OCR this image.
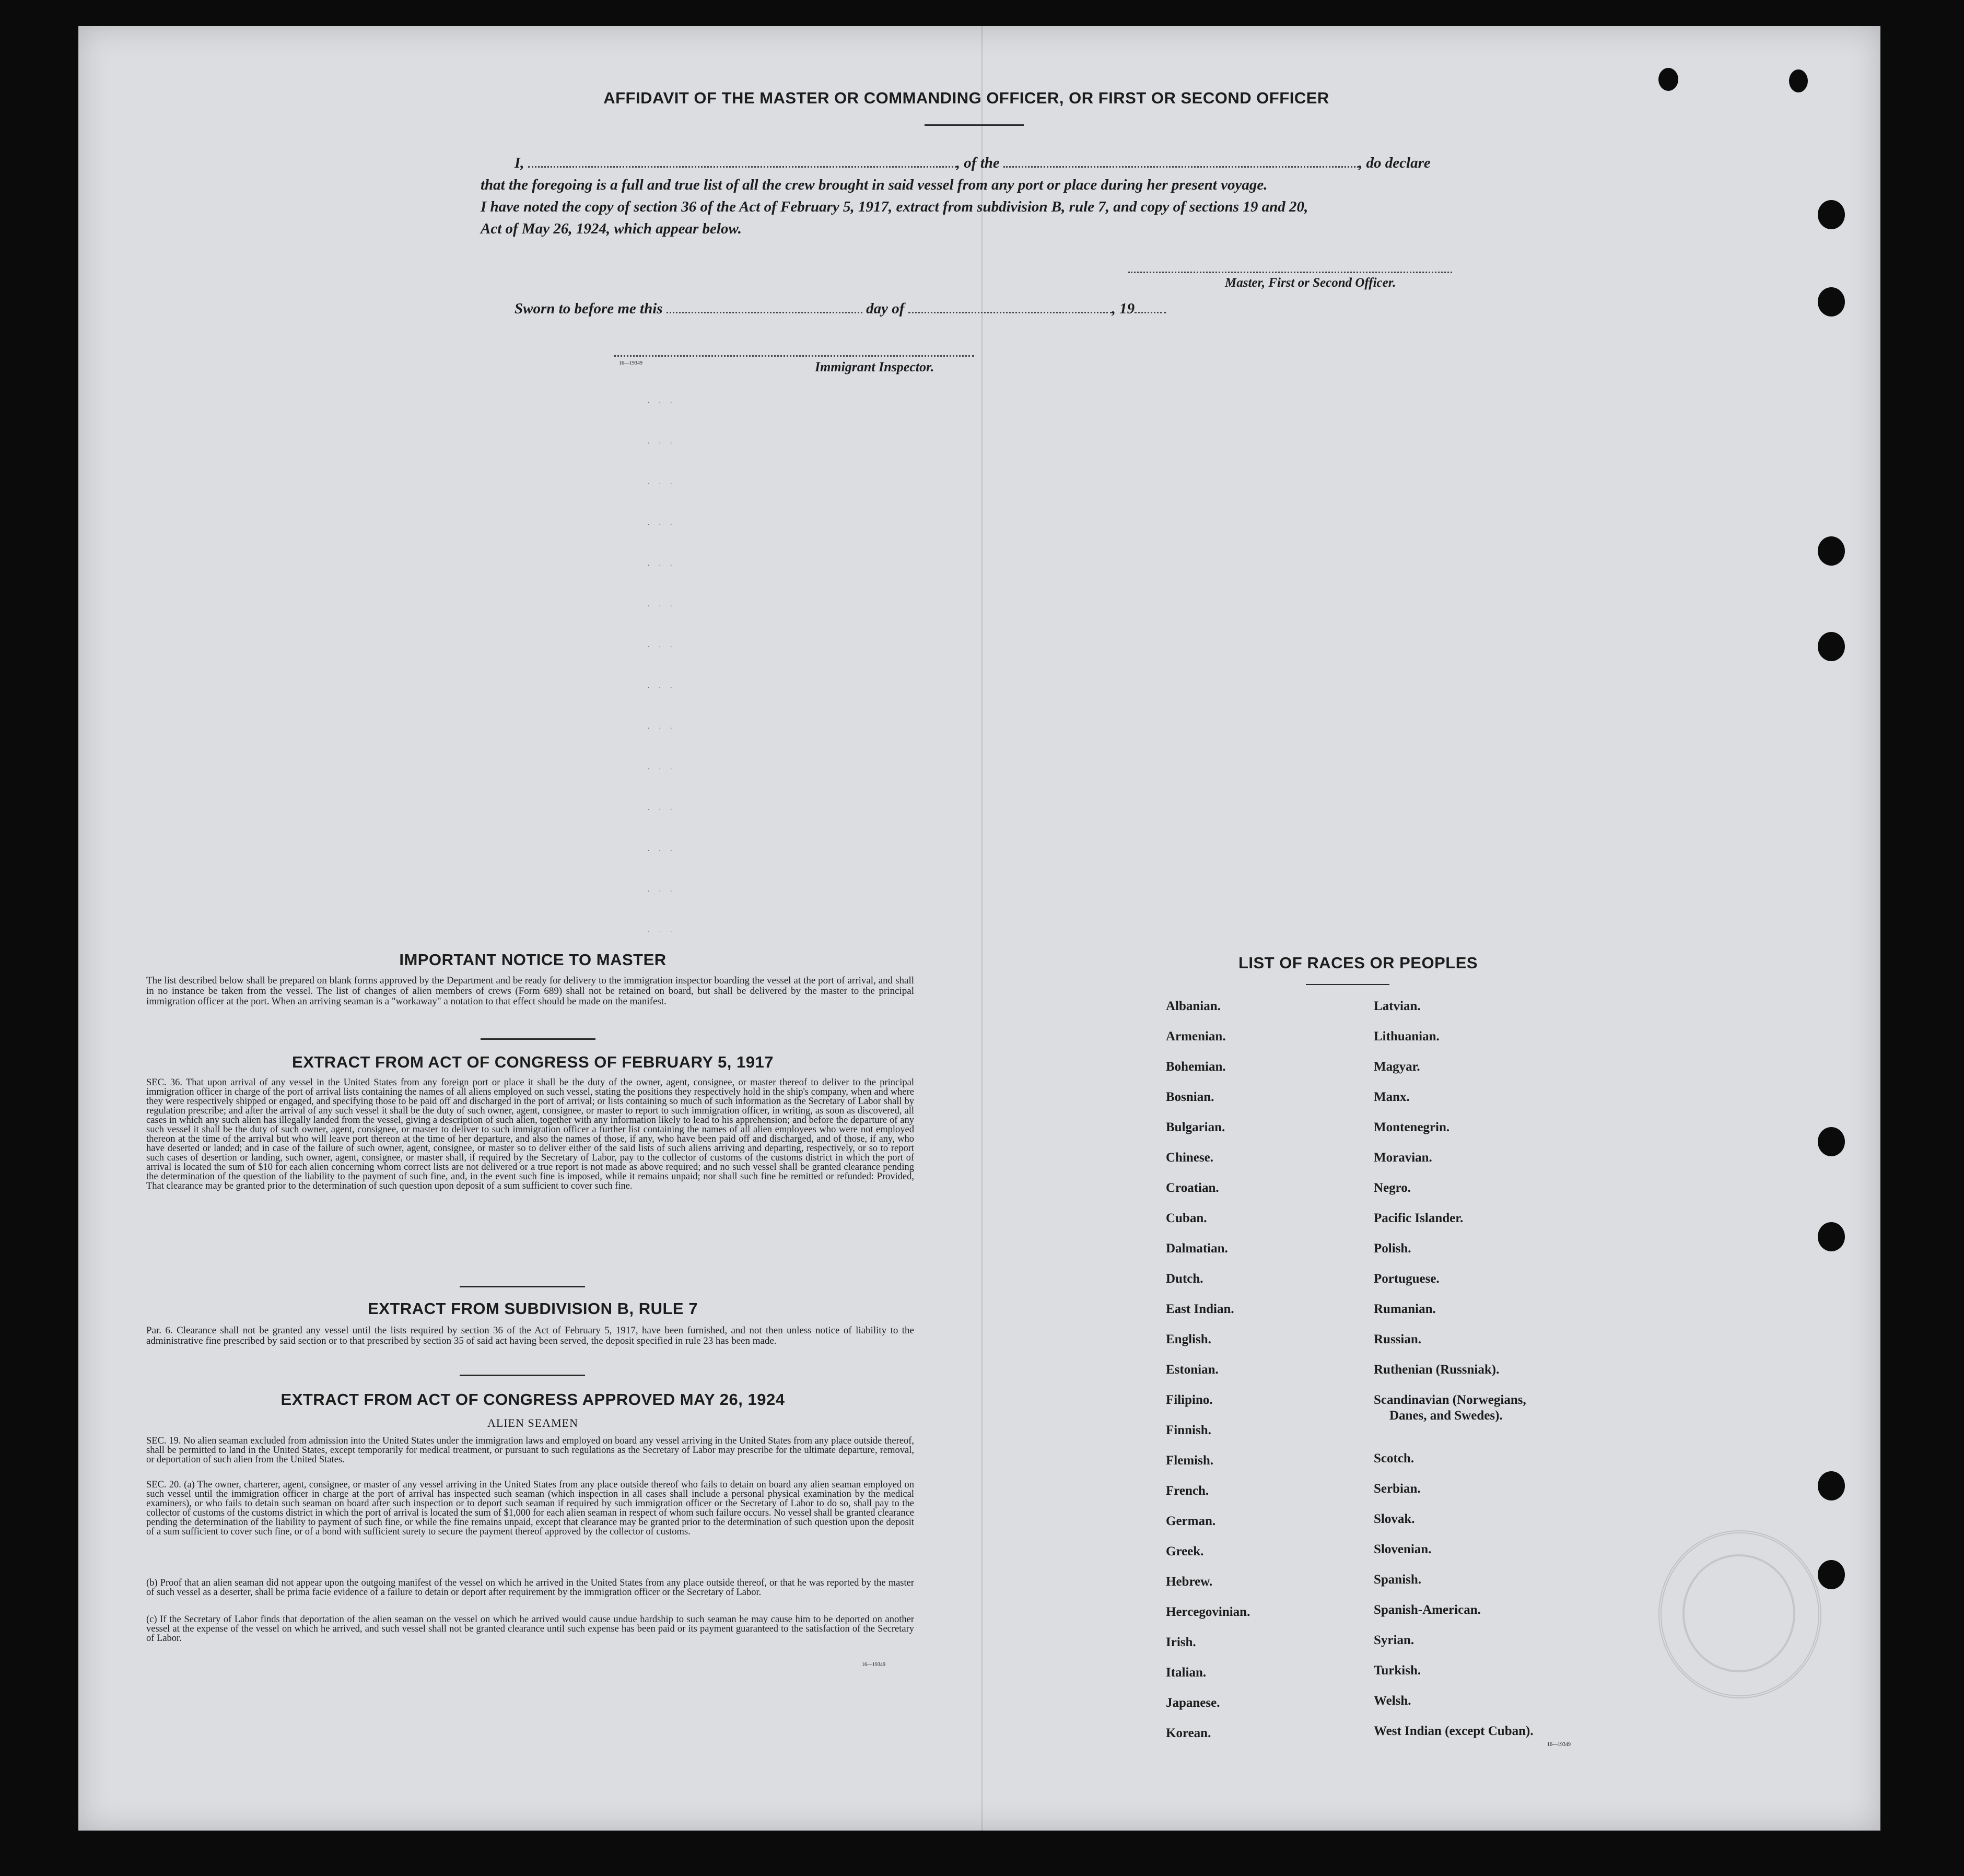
AFFIDAVIT OF THE MASTER OR COMMANDING OFFICER, OR FIRST OR SECOND OFFICER
I,	, of the	, do declare
that the foregoing is a full and true list of all the crew brought in said vessel from any port or place during her present voyage.
I have noted the copy of section 36 of the Act of February 5, 1917, extract from subdivision B, rule 7, and copy of sections 19 and 20,
Act of May 26, 1924, which appear below.
Master, First or Second Officer.
Sworn to before me this	day of	, 19
16—19349	Immigrant Inspector.
...
...
...
...
...
...
...
...
...
...
...
...
...
...
IMPORTANT NOTICE TO MASTER
The list described below shall be prepared on blank forms approved by the Department and be ready for delivery to the immigration inspector boarding the vessel at the port of arrival, and shall in no instance be taken from the vessel. The list of changes of alien members of crews (Form 689) shall not be retained on board, but shall be delivered by the master to the principal immigration officer at the port. When an arriving seaman is a "workaway" a notation to that effect should be made on the manifest.
EXTRACT FROM ACT OF CONGRESS OF FEBRUARY 5, 1917
SEC. 36. That upon arrival of any vessel in the United States from any foreign port or place it shall be the duty of the owner, agent, consignee, or master thereof to deliver to the principal immigration officer in charge of the port of arrival lists containing the names of all aliens employed on such vessel, stating the positions they respectively hold in the ship's company, when and where they were respectively shipped or engaged, and specifying those to be paid off and discharged in the port of arrival; or lists containing so much of such information as the Secretary of Labor shall by regulation prescribe; and after the arrival of any such vessel it shall be the duty of such owner, agent, consignee, or master to report to such immigration officer, in writing, as soon as discovered, all cases in which any such alien has illegally landed from the vessel, giving a description of such alien, together with any information likely to lead to his apprehension; and before the departure of any such vessel it shall be the duty of such owner, agent, consignee, or master to deliver to such immigration officer a further list containing the names of all alien employees who were not employed thereon at the time of the arrival but who will leave port thereon at the time of her departure, and also the names of those, if any, who have been paid off and discharged, and of those, if any, who have deserted or landed; and in case of the failure of such owner, agent, consignee, or master so to deliver either of the said lists of such aliens arriving and departing, respectively, or so to report such cases of desertion or landing, such owner, agent, consignee, or master shall, if required by the Secretary of Labor, pay to the collector of customs of the customs district in which the port of arrival is located the sum of $10 for each alien concerning whom correct lists are not delivered or a true report is not made as above required; and no such vessel shall be granted clearance pending the determination of the question of the liability to the payment of such fine, and, in the event such fine is imposed, while it remains unpaid; nor shall such fine be remitted or refunded: Provided, That clearance may be granted prior to the determination of such question upon deposit of a sum sufficient to cover such fine.
EXTRACT FROM SUBDIVISION B, RULE 7
Par. 6. Clearance shall not be granted any vessel until the lists required by section 36 of the Act of February 5, 1917, have been furnished, and not then unless notice of liability to the administrative fine prescribed by said section or to that prescribed by section 35 of said act having been served, the deposit specified in rule 23 has been made.
EXTRACT FROM ACT OF CONGRESS APPROVED MAY 26, 1924
ALIEN SEAMEN
SEC. 19. No alien seaman excluded from admission into the United States under the immigration laws and employed on board any vessel arriving in the United States from any place outside thereof, shall be permitted to land in the United States, except temporarily for medical treatment, or pursuant to such regulations as the Secretary of Labor may prescribe for the ultimate departure, removal, or deportation of such alien from the United States.
SEC. 20. (a) The owner, charterer, agent, consignee, or master of any vessel arriving in the United States from any place outside thereof who fails to detain on board any alien seaman employed on such vessel until the immigration officer in charge at the port of arrival has inspected such seaman (which inspection in all cases shall include a personal physical examination by the medical examiners), or who fails to detain such seaman on board after such inspection or to deport such seaman if required by such immigration officer or the Secretary of Labor to do so, shall pay to the collector of customs of the customs district in which the port of arrival is located the sum of $1,000 for each alien seaman in respect of whom such failure occurs. No vessel shall be granted clearance pending the determination of the liability to payment of such fine, or while the fine remains unpaid, except that clearance may be granted prior to the determination of such question upon the deposit of a sum sufficient to cover such fine, or of a bond with sufficient surety to secure the payment thereof approved by the collector of customs.
(b) Proof that an alien seaman did not appear upon the outgoing manifest of the vessel on which he arrived in the United States from any place outside thereof, or that he was reported by the master of such vessel as a deserter, shall be prima facie evidence of a failure to detain or deport after requirement by the immigration officer or the Secretary of Labor.
(c) If the Secretary of Labor finds that deportation of the alien seaman on the vessel on which he arrived would cause undue hardship to such seaman he may cause him to be deported on another vessel at the expense of the vessel on which he arrived, and such vessel shall not be granted clearance until such expense has been paid or its payment guaranteed to the satisfaction of the Secretary of Labor.
16—19349
LIST OF RACES OR PEOPLES
Albanian.
Armenian.
Bohemian.
Bosnian.
Bulgarian.
Chinese.
Croatian.
Cuban.
Dalmatian.
Dutch.
East Indian.
English.
Estonian.
Filipino.
Finnish.
Flemish.
French.
German.
Greek.
Hebrew.
Hercegovinian.
Irish.
Italian.
Japanese.
Korean.
Latvian.
Lithuanian.
Magyar.
Manx.
Montenegrin.
Moravian.
Negro.
Pacific Islander.
Polish.
Portuguese.
Rumanian.
Russian.
Ruthenian (Russniak).
Scandinavian (Norwegians,
Danes, and Swedes).
Scotch.
Serbian.
Slovak.
Slovenian.
Spanish.
Spanish-American.
Syrian.
Turkish.
Welsh.
West Indian (except Cuban).
16—19349
